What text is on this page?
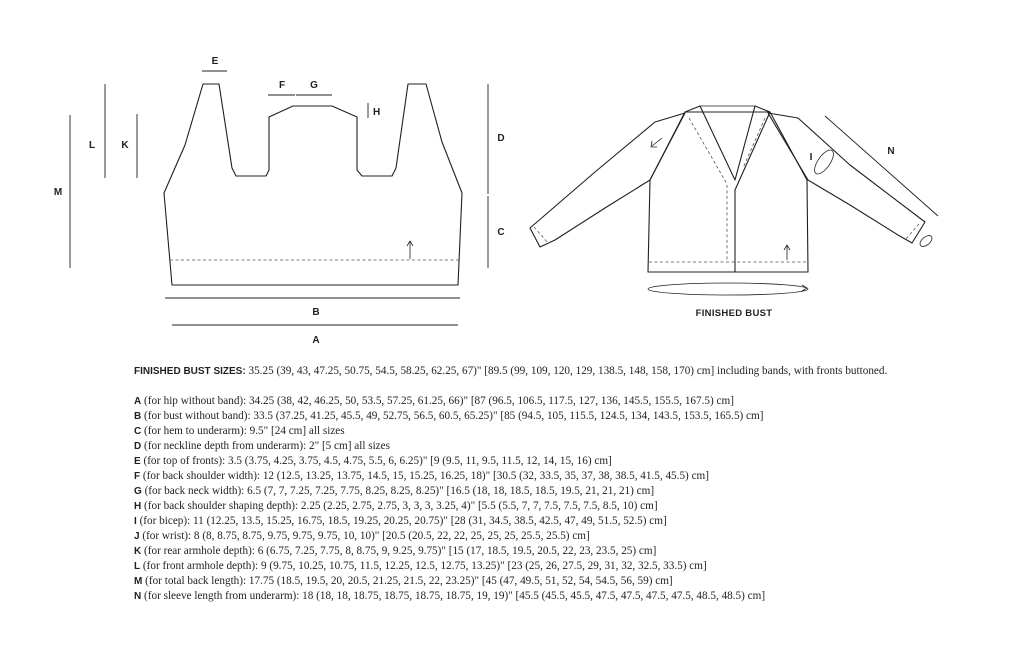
E
F	G
H
L	K
M
D
C
B
A
N
I
FINISHED BUST
FINISHED BUST SIZES: 35.25 (39, 43, 47.25, 50.75, 54.5, 58.25, 62.25, 67)" [89.5 (99, 109, 120, 129, 138.5, 148, 158, 170) cm] including bands, with fronts buttoned.
A (for hip without band): 34.25 (38, 42, 46.25, 50, 53.5, 57.25, 61.25, 66)" [87 (96.5, 106.5, 117.5, 127, 136, 145.5, 155.5, 167.5) cm]
B (for bust without band): 33.5 (37.25, 41.25, 45.5, 49, 52.75, 56.5, 60.5, 65.25)" [85 (94.5, 105, 115.5, 124.5, 134, 143.5, 153.5, 165.5) cm]
C (for hem to underarm): 9.5" [24 cm] all sizes
D (for neckline depth from underarm): 2" [5 cm] all sizes
E (for top of fronts): 3.5 (3.75, 4.25, 3.75, 4.5, 4.75, 5.5, 6, 6.25)" [9 (9.5, 11, 9.5, 11.5, 12, 14, 15, 16) cm]
F (for back shoulder width): 12 (12.5, 13.25, 13.75, 14.5, 15, 15.25, 16.25, 18)" [30.5 (32, 33.5, 35, 37, 38, 38.5, 41.5, 45.5) cm]
G (for back neck width): 6.5 (7, 7, 7.25, 7.25, 7.75, 8.25, 8.25, 8.25)" [16.5 (18, 18, 18.5, 18.5, 19.5, 21, 21, 21) cm]
H (for back shoulder shaping depth): 2.25 (2.25, 2.75, 2.75, 3, 3, 3, 3.25, 4)" [5.5 (5.5, 7, 7, 7.5, 7.5, 7.5, 8.5, 10) cm]
I (for bicep): 11 (12.25, 13.5, 15.25, 16.75, 18.5, 19.25, 20.25, 20.75)" [28 (31, 34.5, 38.5, 42.5, 47, 49, 51.5, 52.5) cm]
J (for wrist): 8 (8, 8.75, 8.75, 9.75, 9.75, 9.75, 10, 10)" [20.5 (20.5, 22, 22, 25, 25, 25, 25.5, 25.5) cm]
K (for rear armhole depth): 6 (6.75, 7.25, 7.75, 8, 8.75, 9, 9.25, 9.75)" [15 (17, 18.5, 19.5, 20.5, 22, 23, 23.5, 25) cm]
L (for front armhole depth): 9 (9.75, 10.25, 10.75, 11.5, 12.25, 12.5, 12.75, 13.25)" [23 (25, 26, 27.5, 29, 31, 32, 32.5, 33.5) cm]
M (for total back length): 17.75 (18.5, 19.5, 20, 20.5, 21.25, 21.5, 22, 23.25)" [45 (47, 49.5, 51, 52, 54, 54.5, 56, 59) cm]
N (for sleeve length from underarm): 18 (18, 18, 18.75, 18.75, 18.75, 18.75, 19, 19)" [45.5 (45.5, 45.5, 47.5, 47.5, 47.5, 47.5, 48.5, 48.5) cm]
